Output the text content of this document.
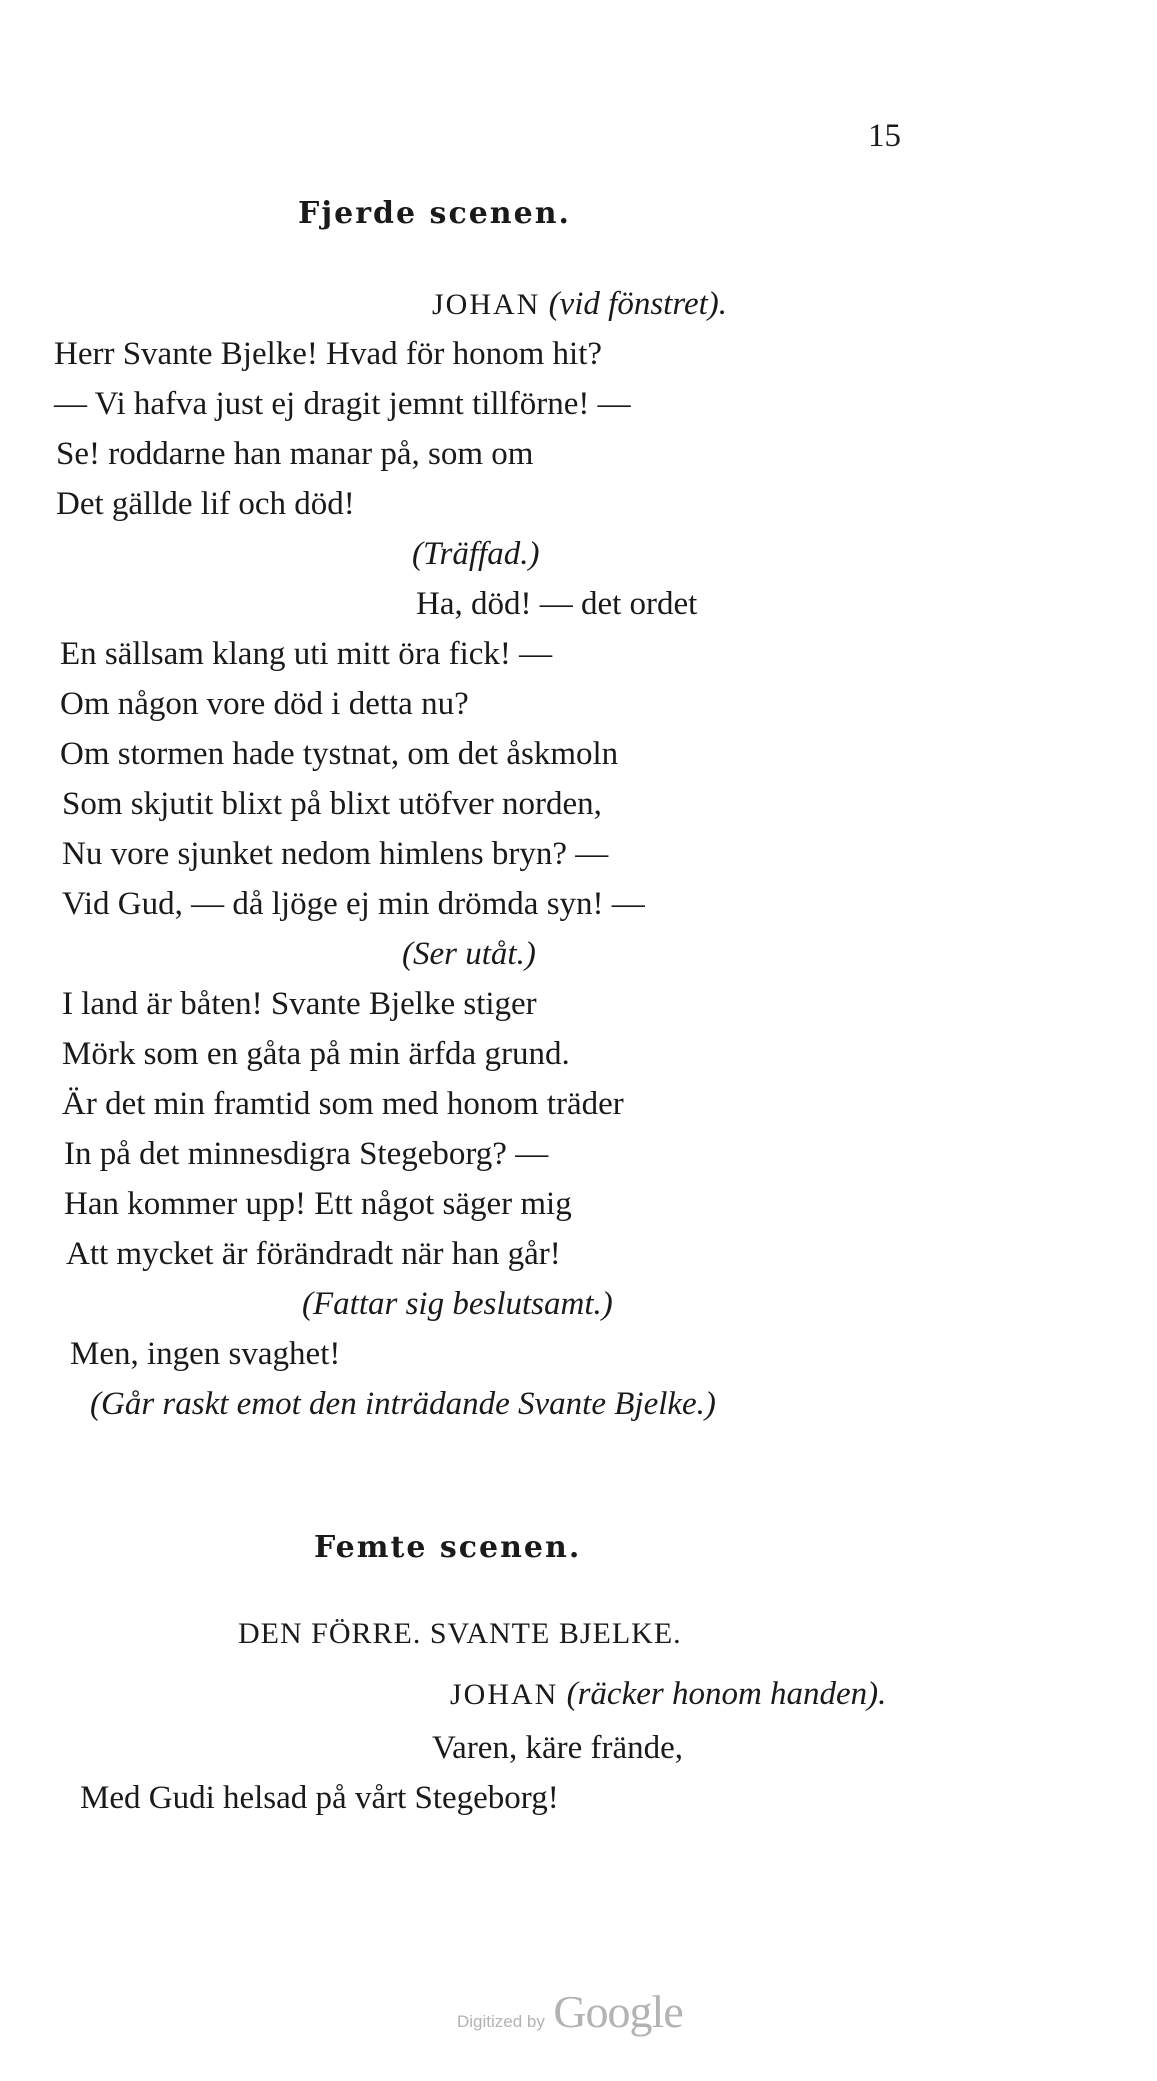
15
Fjerde scenen.
JOHAN (vid fönstret).
Herr Svante Bjelke! Hvad för honom hit?
— Vi hafva just ej dragit jemnt tillförne! —
Se! roddarne han manar på, som om
Det gällde lif och död!
(Träffad.)
Ha, död! — det ordet
En sällsam klang uti mitt öra fick! —
Om någon vore död i detta nu?
Om stormen hade tystnat, om det åskmoln
Som skjutit blixt på blixt utöfver norden,
Nu vore sjunket nedom himlens bryn? —
Vid Gud, — då ljöge ej min drömda syn! —
(Ser utåt.)
I land är båten! Svante Bjelke stiger
Mörk som en gåta på min ärfda grund.
Är det min framtid som med honom träder
In på det minnesdigra Stegeborg? —
Han kommer upp! Ett något säger mig
Att mycket är förändradt när han går!
(Fattar sig beslutsamt.)
Men, ingen svaghet!
(Går raskt emot den inträdande Svante Bjelke.)
Femte scenen.
DEN FÖRRE. SVANTE BJELKE.
JOHAN (räcker honom handen).
Varen, käre frände,
Med Gudi helsad på vårt Stegeborg!
Digitized by Google
